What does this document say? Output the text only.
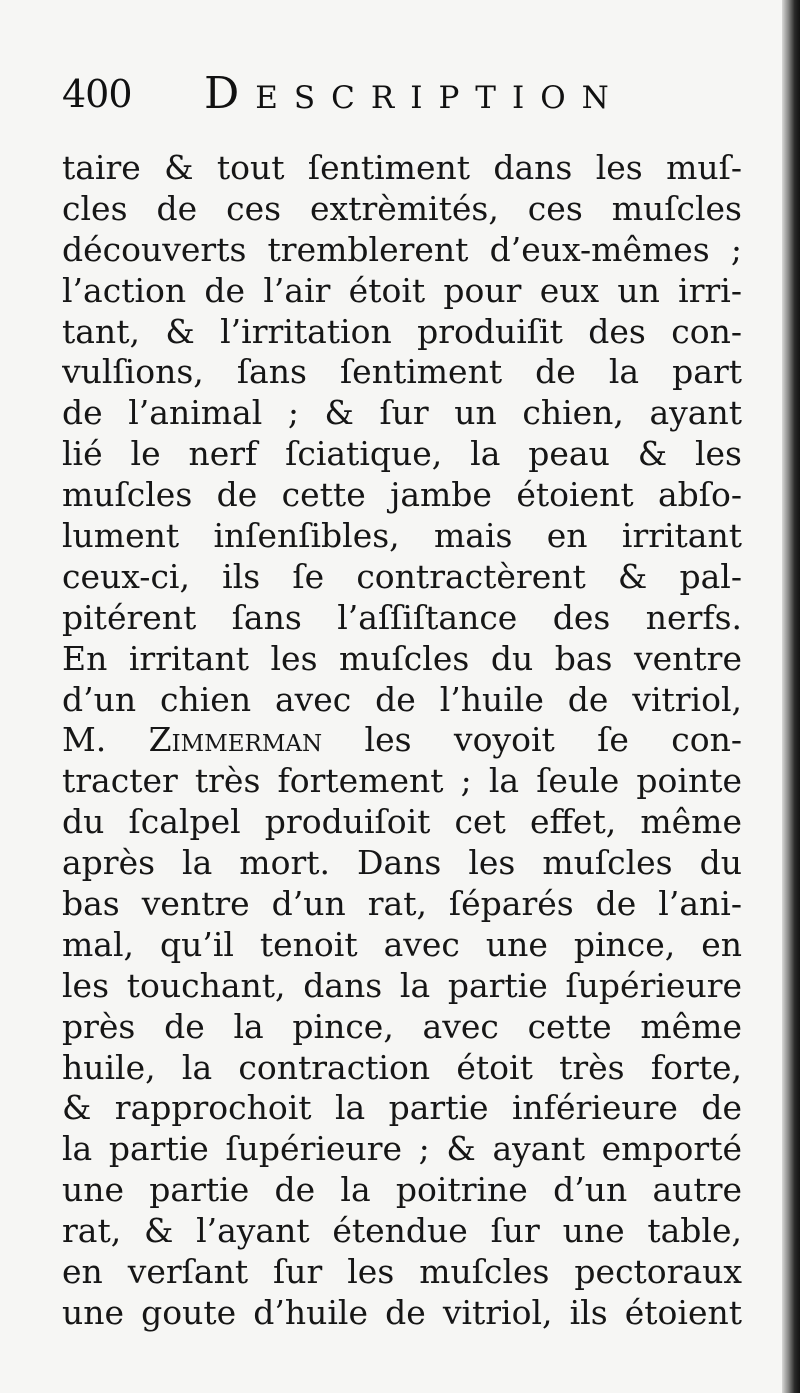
400 Description
taire & tout ſentiment dans les muſ-
cles de ces extrèmités, ces muſcles
découverts tremblerent d’eux-mêmes ;
l’action de l’air étoit pour eux un irri-
tant, & l’irritation produiſit des con-
vulſions, ſans ſentiment de la part
de l’animal ; & ſur un chien, ayant
lié le nerf ſciatique, la peau & les
muſcles de cette jambe étoient abſo-
lument inſenſibles, mais en irritant
ceux-ci, ils ſe contractèrent & pal-
pitérent ſans l’aſſiſtance des nerfs.
En irritant les muſcles du bas ventre
d’un chien avec de l’huile de vitriol,
M. Zimmerman les voyoit ſe con-
tracter très fortement ; la ſeule pointe
du ſcalpel produiſoit cet effet, même
après la mort. Dans les muſcles du
bas ventre d’un rat, ſéparés de l’ani-
mal, qu’il tenoit avec une pince, en
les touchant, dans la partie ſupérieure
près de la pince, avec cette même
huile, la contraction étoit très forte,
& rapprochoit la partie inférieure de
la partie ſupérieure ; & ayant emporté
une partie de la poitrine d’un autre
rat, & l’ayant étendue ſur une table,
en verſant ſur les muſcles pectoraux
une goute d’huile de vitriol, ils étoient
